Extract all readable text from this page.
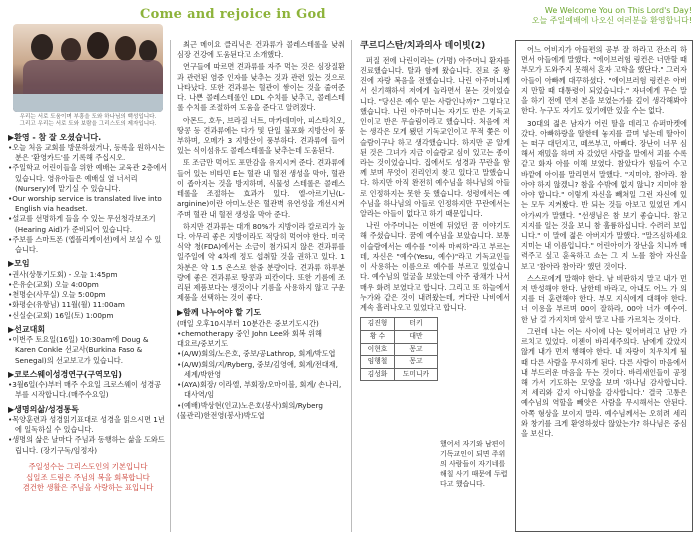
Come and rejoice in God	We Welcome You on This Lord's Day!
오늘 주일예배에 나오신 여러분을 환영합니다!
우리는 서로 도움이며 부흥을 도와 하나님의 백성입니다.
그리고 우리는 서로 도와 보람을 그리스도의 제자입니다.
▶환영 - 참 잘 오셨습니다.
•오늘 처음 교회를 방문하셨거나, 등록을 원하시는 분은 '환영카드'를 기록해 주십시오.
•주일학교 어린이들을 위한 예배는 교육관 2층에서 있습니다. 영유아들은 예배실 옆 너서리(Nursery)에 맡기실 수 있습니다.
•Our worship service is translated live into English via headset.
•설교를 선명하게 들을 수 있는 무선청각보조기(Hearing Aid)가 준비되어 있습니다.
•주보를 스마트폰 (앱플리케이션)에서 보실 수 있습니다.
▶모임
•권사(상통기도회) - 오늘 1:45pm
•은유순(교회) 오늘 4:00pm
•천명순(사무실) 오늘 5:00pm
•화평순(유항님) 11월(월) 11:00am
•신실순(교회) 16일(토) 1:00pm
▶선교대회
•이번주 토요일(16일) 10:30am에 Doug & Karen Conkle 선교사(Burkina Faso & Senegal)의 선교보고가 있습니다.
▶코로스웨이성경연구(구역모임)
•3월6일(수)부터 매주 수요일 크로스웨이 성경공부를 시작합니다.(매주수요일)
▶생명의삶/성경통독
•목양훈련과 성경읽기표대로 성경을 읽으시면 1년에 일독하실 수 있습니다.
•생명의 삶은 날마다 주님과 동행하는 삶을 도와드립니다. (장기구독/임정자)
주일성수는 그리스도인의 기본입니다
십일조 드림은 주님의 복을 회복합니다
겸건한 생활은 주님을 사랑하는 표입니다

최근 메이요 클리닉은 건과류가 콜레스테롤을 낮춰 심장 건강에 도움된다고 소개했다.

연구들에 따르면 견과류를 자주 먹는 것은 심장질환과 관련된 염증 인자를 낮추는 것과 관련 있는 것으로 나타났다. 또한 견과류는 혈관이 쌓이는 것을 줄여준다. 나쁜 콜레스테롤인 LDL 수치를 낮추고, 콜레스테롤 수치를 조절하여 도움을 준다고 알려졌다.

아몬드, 호두, 브라질 너트, 마카데미아, 피스타치오, 땅콩 등 견과류에는 다가 및 단일 불포화 지방산이 풍부하며, 오메가 3 지방산이 풍부하다. 견과류에 들어 있는 식이섬유도 콜레스테롤을 낮추는데 도움된다.

또 조금만 먹어도 포만감을 유지시켜 준다. 견과류에 들어 있는 비타민 E는 혈관 내 혈전 생성을 막아, 혈관이 좁아지는 것을 방지하며, 식물성 스테롤은 콜레스테롤을 조절하는 효과가 있다. 엘-아르기닌(L-arginine)이란 아미노산은 혈관벽 유연성을 개선시켜주며 혈관 내 혈전 생성을 막아 준다.

하지만 견과류는 대개 80%가 지방이라 칼로리가 높다. 아무리 좋은 지방이라도 적당히 먹어야 한다. 미국 식약 청(FDA)에서는 소금이 첨가되지 않은 견과류를 일주일에 약 4차례 정도 섭취할 것을 권하고 있다. 1차분은 약 1.5 온스로 한줌 분량이다. 견과류 하루분량에 좋은 견과류로 땅콩과 피칸이다. 또한 기름에 조리된 제품보다는 생것이나 기름을 사용하지 않고 구운 제품을 선택하는 것이 좋다.

▶함께 나누어야 할 기도
(매일 오후10시부터 10분간은 중보기도시간)
•chemotherapy 중인 John Lee와 회복 위해
대요르/중보기도
•(A/W)회의/노은호, 중보/공Lathrop, 회계/박도엽
•(A/W)회의/지/Ryberg, 중보/김영애, 회계/전대재, 세계/박한영
•(AYA)회장/ 이라엘, 부회장/오마이블, 회계/ 손나리, 대사역/임
•(예배)박상현(인교)노은호(봉사)회의/Ryberg
(물관리)한전영(봉사)박도엽
쿠르디스탄/치과의사 데이빗(2)

퍼질 전에 나린이라는 (가명) 아주머니 환자를 진료했습니다. 탈과 함께 왔습니다. 진료 중 왕진에 자랑 복음을 전했습니다. 나린 아주머니께서 신기해하셔 저에게 놀라면서 묻는 것이었습니다. "당신은 예수 믿는 사람인나까?" 그렇다고 했습니다. 나린 아주머니는 자기도 반은 기독교인이고 반은 무슬림이라고 했습니다. 처음에 저는 생각은 모게 됐던 기독교인이고 무적 쫓은 이슬람이구나 하고 생각했습니다. 하지만 곧 알게 된 것은 그녀가 지금 이슬람교 심이 있고는 종이라는 것이었습니다. 집에서도 성경과 꾸란을 함께 보며 무엇이 진리인지 찾고 있다고 말했습니다. 하지만 아직 완전히 예수님을 하나님의 아들로 인정하지는 못한 듯 했습니다. 성령에서는 예수님을 하나님의 아들로 인정하지만 꾸란에서는 알라는 아들이 없다고 하기 때문입니다.

나린 아주머니는 이번에 뒤었던 꿈 이야기도 해 주셨습니다. 꿈에 예수님을 보았습니다. 보통 이슬람에서는 예수를 "이싸 마씨하"라고 부르는데, 자신은 "예수(Yesu, 예수)"라고 기독교인들이 사용하는 이름으로 예수를 부르고 있었습니다. 예수님의 얼굴을 보았는데 아주 광채가 나서 매우 화려 보였다고 합니다. 그리고 또 하늘에서 누가와 같은 것이 내려왔는데, 커다란 나비에서 계속 흘러나오고 있었다고 합니다.

김진형	터키
황 수	대만
이현호	몽고
임행철	몽고
김성화	도미니카
했어서 자기와 남편이 기독교인이 되면 주위의 사람들이 자기네를 해칠 사기 때문에 두렵다고 했습니다.

어느 어비지가 아들편의 공부 잘 하라고 잔소리 하면서 아들에게 말했다. "에이브러험 링컨은 너만할 때 부모가 도와주지 못해서 혼자 고학을 했단다." 그러자 아들이 아빠께 대꾸하셨다. "에이브러험 링컨은 아버지 만할 때 대통령이 되었습니다." 자녀에게 무슨 말을 하기 전에 먼저 본을 보였는가를 깊이 생각해봐야 한다. 누구도 자기도 있기에만 있을 수는 없다.

30대의 젊은 남자가 어린 딸을 데리고 슈퍼마켓에 갔다. 아빠하랑을 딸한테 놓지를 끌며 넣는데 딸아이는 떠구 대던지고, 떼쓰부고, 아빠다. 장난이 너무 심해서 재밌을 하며 자 갔었던 사람을 말에서 괴를 수록 같고 화자 아를 이해 보였다. 참았다가 힘들어 수고 바깥에 아이를 말리면서 말했다. "지미야, 참아라. 참아야 하지 않겠니? 참을 수밖에 없지 않니? 지미야 참아야 합니다." 이렇게 자신을 빼쳐일 그런 자신에 있는 모두 지켜봤다. 반 되는 것들 아보고 있었던 게시 아가씨가 말했다. "선생님은 참 보기 좋습니다. 참고 지지를 일는 것을 보니 참 훌륭하십니다. 수려러 보입니다." 이 말에 젊은 아버지가 말했다. "말즈심하세요 지미는 내 이름입니다." 어린아이가 장난을 치니까 매력주고 싶고 훈육하고 쇼는 그 지 노를 참아 자신을 보고 '참아라 참아라' 했던 것이다.

스스로에게 말해야 한다. 남 비판하지 말고 내가 먼저 반성해야 한다. 남한테 바라고, 아내도 어느 가 의지를 더 훈련해야 한다. 부모 지식에게 대해야 한다. 너 이용을 부르며 00이 잘하라, 00아 너가 예수여. 한 남 걸 가지치며 앞서 말고 나를 가르치는 것이다.

그런데 나는 어는 사이에 나는 잊어버리고 남만 가르치고 있었다. 이젠이 바리새주의다. 남에게 갔았지 않게 내가 먼저 행해야 한다. 내 자랑이 치우치게 될 때 다른 사람을 무시하게 된다. 다른 사람이 마음에서 내 부드러운 마음을 두는 것이다. 바리새인들이 공정해 가서 기도하는 모양을 보며 '하나님 감사합니다. 저 세리와 같지 아니함을 감사합니다.' 결국 고통은 예수님의 역할을 빼앗은 사람을 무시해서는 안된다. 아쪽 형상을 보이지 말라. 예수님께서는 오히려 세리와 창기를 크게 환영하셨다 않았는가? 하나님은 중심을 보신다.
